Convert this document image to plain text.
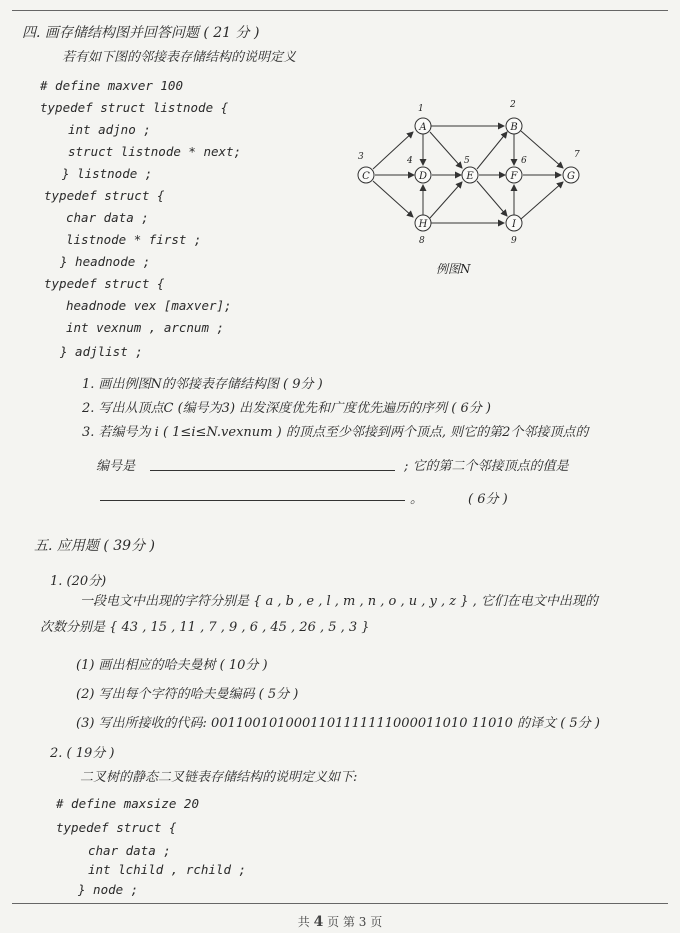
四. 画存储结构图并回答问题 ( 21 分 )
若有如下图的邻接表存储结构的说明定义
# define maxver 100
typedef struct listnode {
int adjno ;
struct listnode * next;
} listnode ;
typedef struct {
char data ;
listnode * first ;
} headnode ;
typedef struct {
headnode vex [maxver];
int vexnum , arcnum ;
} adjlist ;
C
A
D
H
E
B
F
I
G
3
1
4
8
5
2
6
9
7
例图N
1. 画出例图N的邻接表存储结构图 ( 9分 )
2. 写出从顶点C (编号为3) 出发深度优先和广度优先遍历的序列 ( 6分 )
3. 若编号为 i ( 1≤i≤N.vexnum ) 的顶点至少邻接到两个顶点, 则它的第2个邻接顶点的
编号是	; 它的第二个邻接顶点的值是
。	( 6分 )
五. 应用题 ( 39分 )
1. (20分)
一段电文中出现的字符分别是 { a , b , e , l , m , n , o , u , y , z } , 它们在电文中出现的
次数分别是 { 43 , 15 , 11 , 7 , 9 , 6 , 45 , 26 , 5 , 3 }
(1) 画出相应的哈夫曼树 ( 10分 )
(2) 写出每个字符的哈夫曼编码 ( 5分 )
(3) 写出所接收的代码: 0011001010001101111111000011010 11010 的译文 ( 5分 )
2. ( 19分 )
二叉树的静态二叉链表存储结构的说明定义如下:
# define maxsize 20
typedef struct {
char data ;
int lchild , rchild ;
} node ;
共 4 页 第 3 页
